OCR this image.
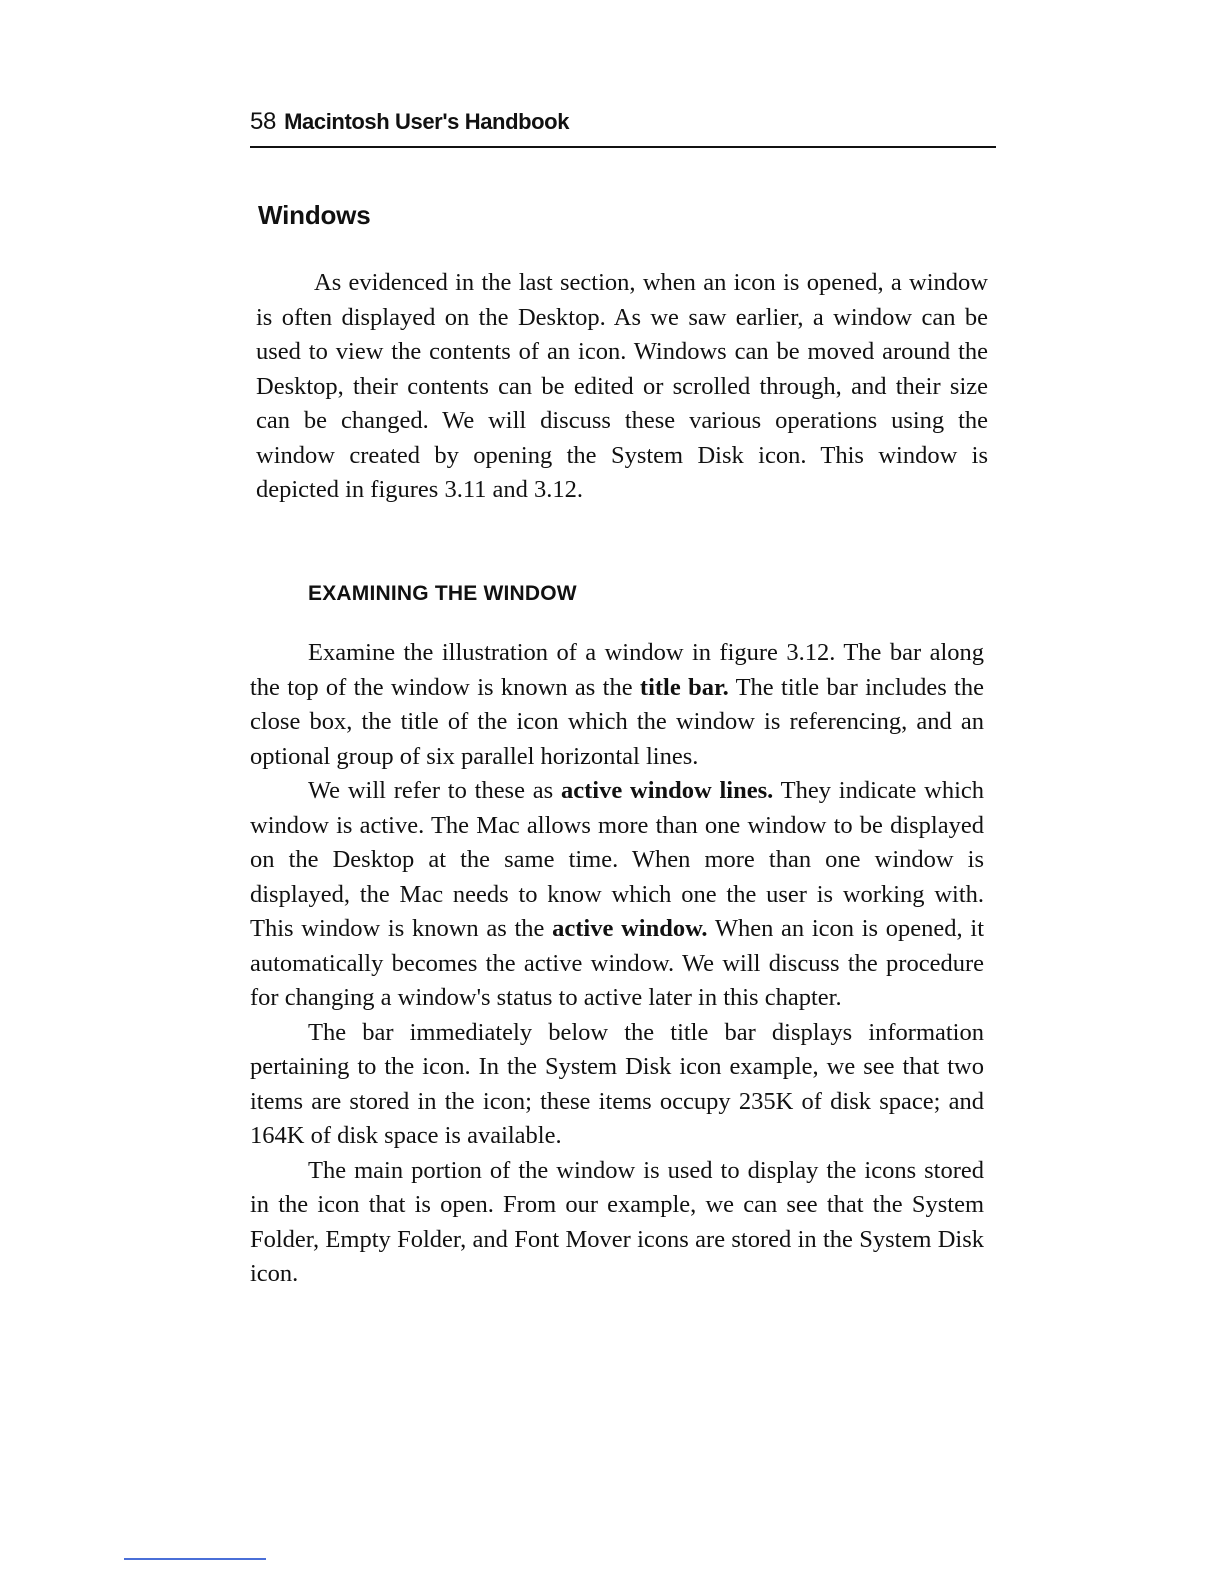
58 Macintosh User's Handbook
Windows

As evidenced in the last section, when an icon is opened, a window is often displayed on the Desktop. As we saw earlier, a window can be used to view the contents of an icon. Windows can be moved around the Desktop, their contents can be edited or scrolled through, and their size can be changed. We will discuss these various operations using the window created by opening the System Disk icon. This window is depicted in figures 3.11 and 3.12.

EXAMINING THE WINDOW

Examine the illustration of a window in figure 3.12. The bar along the top of the window is known as the title bar. The title bar includes the close box, the title of the icon which the window is referencing, and an optional group of six parallel horizontal lines.

We will refer to these as active window lines. They indicate which window is active. The Mac allows more than one window to be displayed on the Desktop at the same time. When more than one window is displayed, the Mac needs to know which one the user is working with. This window is known as the active window. When an icon is opened, it automatically becomes the active window. We will discuss the procedure for changing a window's status to active later in this chapter.

The bar immediately below the title bar displays information pertaining to the icon. In the System Disk icon example, we see that two items are stored in the icon; these items occupy 235K of disk space; and 164K of disk space is available.

The main portion of the window is used to display the icons stored in the icon that is open. From our example, we can see that the System Folder, Empty Folder, and Font Mover icons are stored in the System Disk icon.
